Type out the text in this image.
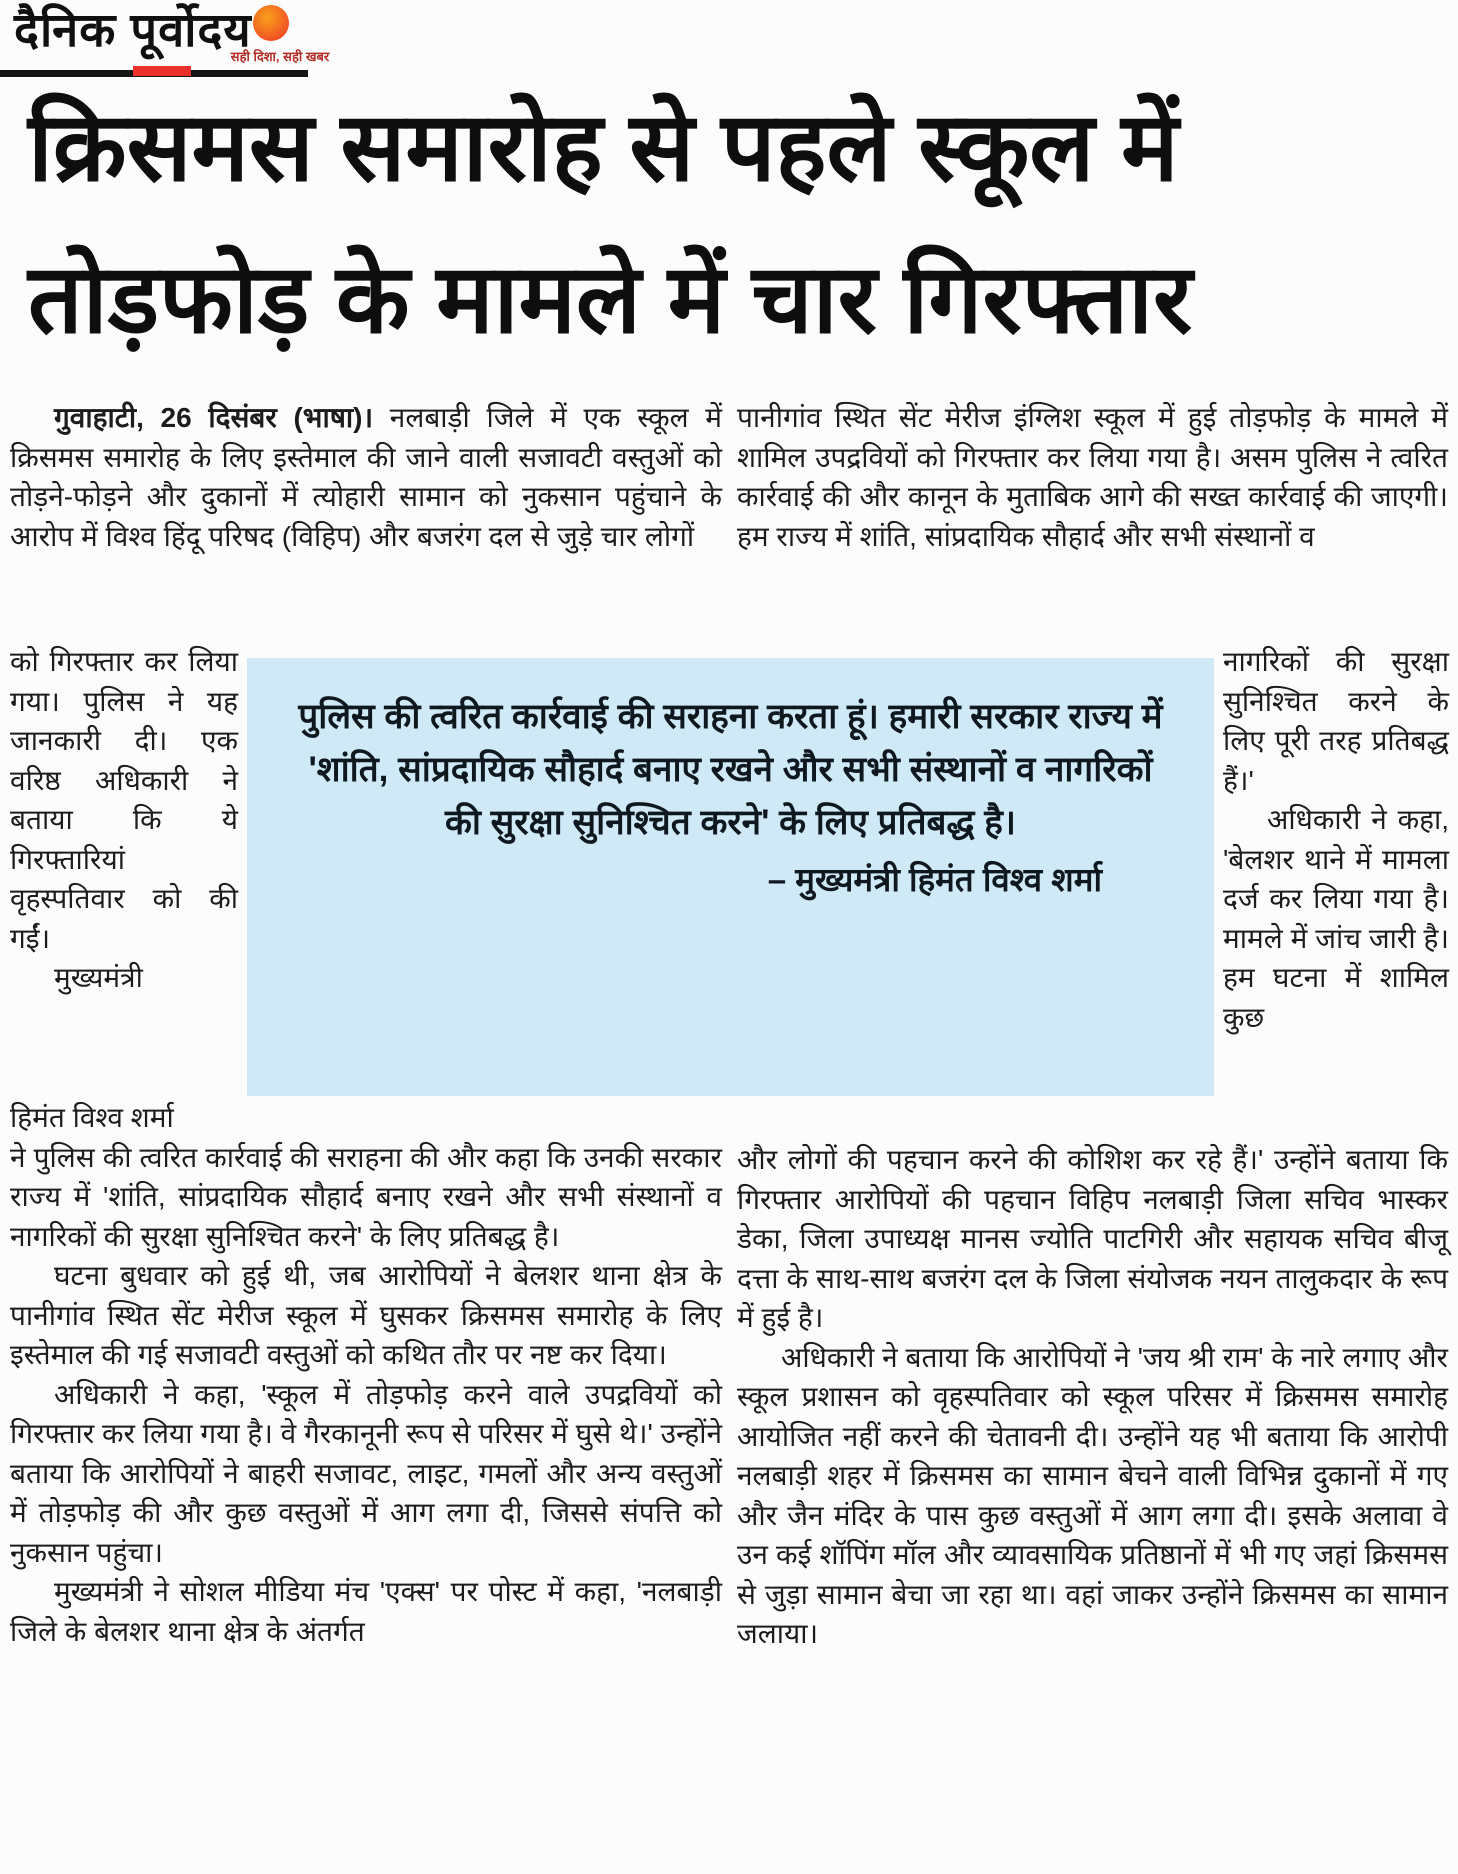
दैनिक पूर्वोदय
सही दिशा, सही खबर
क्रिसमस समारोह से पहले स्कूल में
तोड़फोड़ के मामले में चार गिरफ्तार

गुवाहाटी, 26 दिसंबर (भाषा)। नलबाड़ी जिले में एक स्कूल में क्रिसमस समारोह के लिए इस्तेमाल की जाने वाली सजावटी वस्तुओं को तोड़ने-फोड़ने और दुकानों में त्योहारी सामान को नुकसान पहुंचाने के आरोप में विश्व हिंदू परिषद (विहिप) और बजरंग दल से जुड़े चार लोगों

पानीगांव स्थित सेंट मेरीज इंग्लिश स्कूल में हुई तोड़फोड़ के मामले में शामिल उपद्रवियों को गिरफ्तार कर लिया गया है। असम पुलिस ने त्वरित कार्रवाई की और कानून के मुताबिक आगे की सख्त कार्रवाई की जाएगी। हम राज्य में शांति, सांप्रदायिक सौहार्द और सभी संस्थानों व

को गिरफ्तार कर लिया गया। पुलिस ने यह जानकारी दी। एक वरिष्ठ अधिकारी ने बताया कि ये गिरफ्तारियां वृहस्पतिवार को की गईं।

मुख्यमंत्री

पुलिस की त्वरित कार्रवाई की सराहना करता हूं। हमारी सरकार राज्य में 'शांति, सांप्रदायिक सौहार्द बनाए रखने और सभी संस्थानों व नागरिकों की सुरक्षा सुनिश्चित करने' के लिए प्रतिबद्ध है।

– मुख्यमंत्री हिमंत विश्व शर्मा

नागरिकों की सुरक्षा सुनिश्चित करने के लिए पूरी तरह प्रतिबद्ध हैं।'

अधिकारी ने कहा, 'बेलशर थाने में मामला दर्ज कर लिया गया है। मामले में जांच जारी है। हम घटना में शामिल कुछ

हिमंत विश्व शर्मा

ने पुलिस की त्वरित कार्रवाई की सराहना की और कहा कि उनकी सरकार राज्य में 'शांति, सांप्रदायिक सौहार्द बनाए रखने और सभी संस्थानों व नागरिकों की सुरक्षा सुनिश्चित करने' के लिए प्रतिबद्ध है।

घटना बुधवार को हुई थी, जब आरोपियों ने बेलशर थाना क्षेत्र के पानीगांव स्थित सेंट मेरीज स्कूल में घुसकर क्रिसमस समारोह के लिए इस्तेमाल की गई सजावटी वस्तुओं को कथित तौर पर नष्ट कर दिया।

अधिकारी ने कहा, 'स्कूल में तोड़फोड़ करने वाले उपद्रवियों को गिरफ्तार कर लिया गया है। वे गैरकानूनी रूप से परिसर में घुसे थे।' उन्होंने बताया कि आरोपियों ने बाहरी सजावट, लाइट, गमलों और अन्य वस्तुओं में तोड़फोड़ की और कुछ वस्तुओं में आग लगा दी, जिससे संपत्ति को नुकसान पहुंचा।

मुख्यमंत्री ने सोशल मीडिया मंच 'एक्स' पर पोस्ट में कहा, 'नलबाड़ी जिले के बेलशर थाना क्षेत्र के अंतर्गत

और लोगों की पहचान करने की कोशिश कर रहे हैं।' उन्होंने बताया कि गिरफ्तार आरोपियों की पहचान विहिप नलबाड़ी जिला सचिव भास्कर डेका, जिला उपाध्यक्ष मानस ज्योति पाटगिरी और सहायक सचिव बीजू दत्ता के साथ-साथ बजरंग दल के जिला संयोजक नयन तालुकदार के रूप में हुई है।

अधिकारी ने बताया कि आरोपियों ने 'जय श्री राम' के नारे लगाए और स्कूल प्रशासन को वृहस्पतिवार को स्कूल परिसर में क्रिसमस समारोह आयोजित नहीं करने की चेतावनी दी। उन्होंने यह भी बताया कि आरोपी नलबाड़ी शहर में क्रिसमस का सामान बेचने वाली विभिन्न दुकानों में गए और जैन मंदिर के पास कुछ वस्तुओं में आग लगा दी। इसके अलावा वे उन कई शॉपिंग मॉल और व्यावसायिक प्रतिष्ठानों में भी गए जहां क्रिसमस से जुड़ा सामान बेचा जा रहा था। वहां जाकर उन्होंने क्रिसमस का सामान जलाया।
